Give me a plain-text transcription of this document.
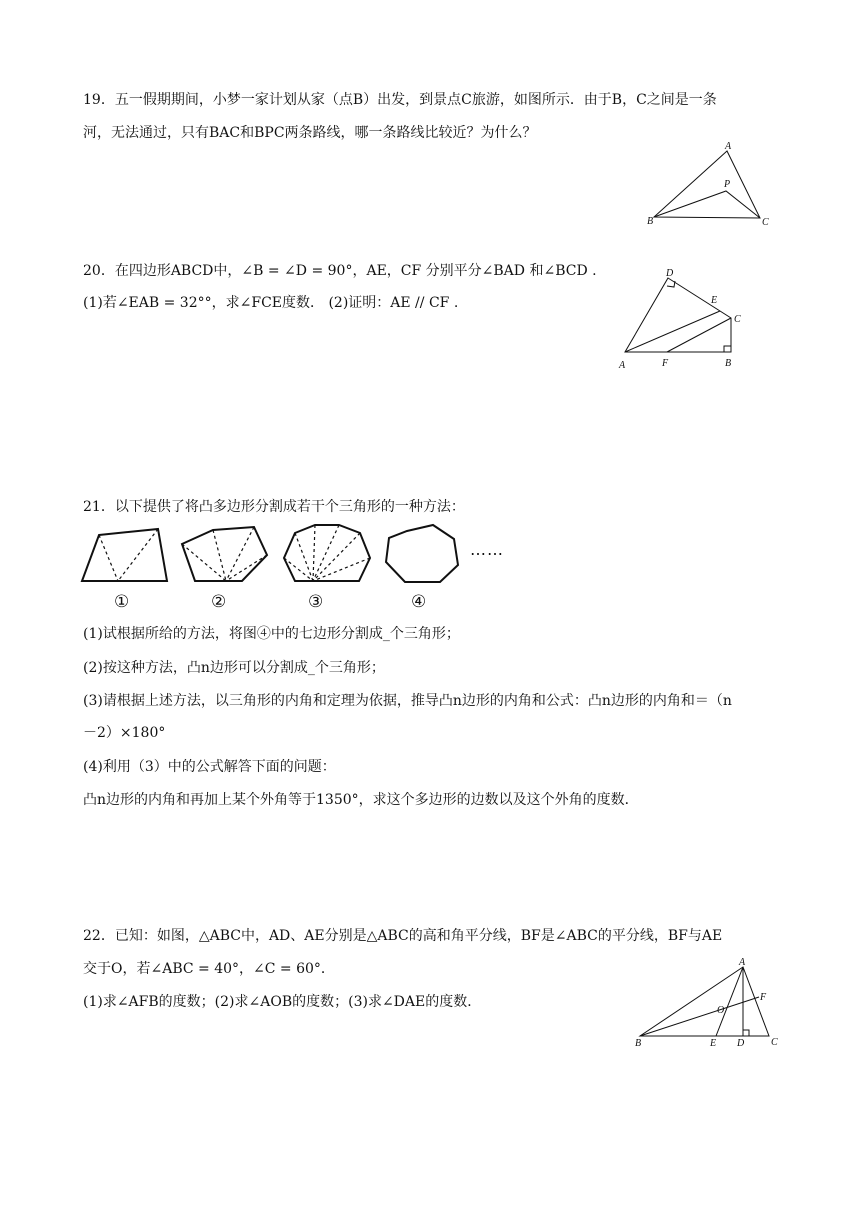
19．五一假期期间，小梦一家计划从家（点B）出发，到景点C旅游，如图所示．由于B，C之间是一条
河，无法通过，只有BAC和BPC两条路线，哪一条路线比较近？为什么？
A
P
B	C
20．在四边形ABCD中，∠B = ∠D = 90°，AE，CF 分别平分∠BAD 和∠BCD .
(1)若∠EAB = 32°°，求∠FCE度数． (2)证明：AE // CF .
D
E
C
A	F	B
21．以下提供了将凸多边形分割成若干个三角形的一种方法：
……
①	②	③	④
(1)试根据所给的方法，将图④中的七边形分割成_个三角形；
(2)按这种方法，凸n边形可以分割成_个三角形；
(3)请根据上述方法，以三角形的内角和定理为依据，推导凸n边形的内角和公式：凸n边形的内角和＝（n
－2）×180°
(4)利用（3）中的公式解答下面的问题：
凸n边形的内角和再加上某个外角等于1350°，求这个多边形的边数以及这个外角的度数．
22．已知：如图，△ABC中，AD、AE分别是△ABC的高和角平分线，BF是∠ABC的平分线，BF与AE
交于O，若∠ABC = 40°，∠C = 60°．
(1)求∠AFB的度数；(2)求∠AOB的度数；(3)求∠DAE的度数．
A
F
O
B	E D	C
